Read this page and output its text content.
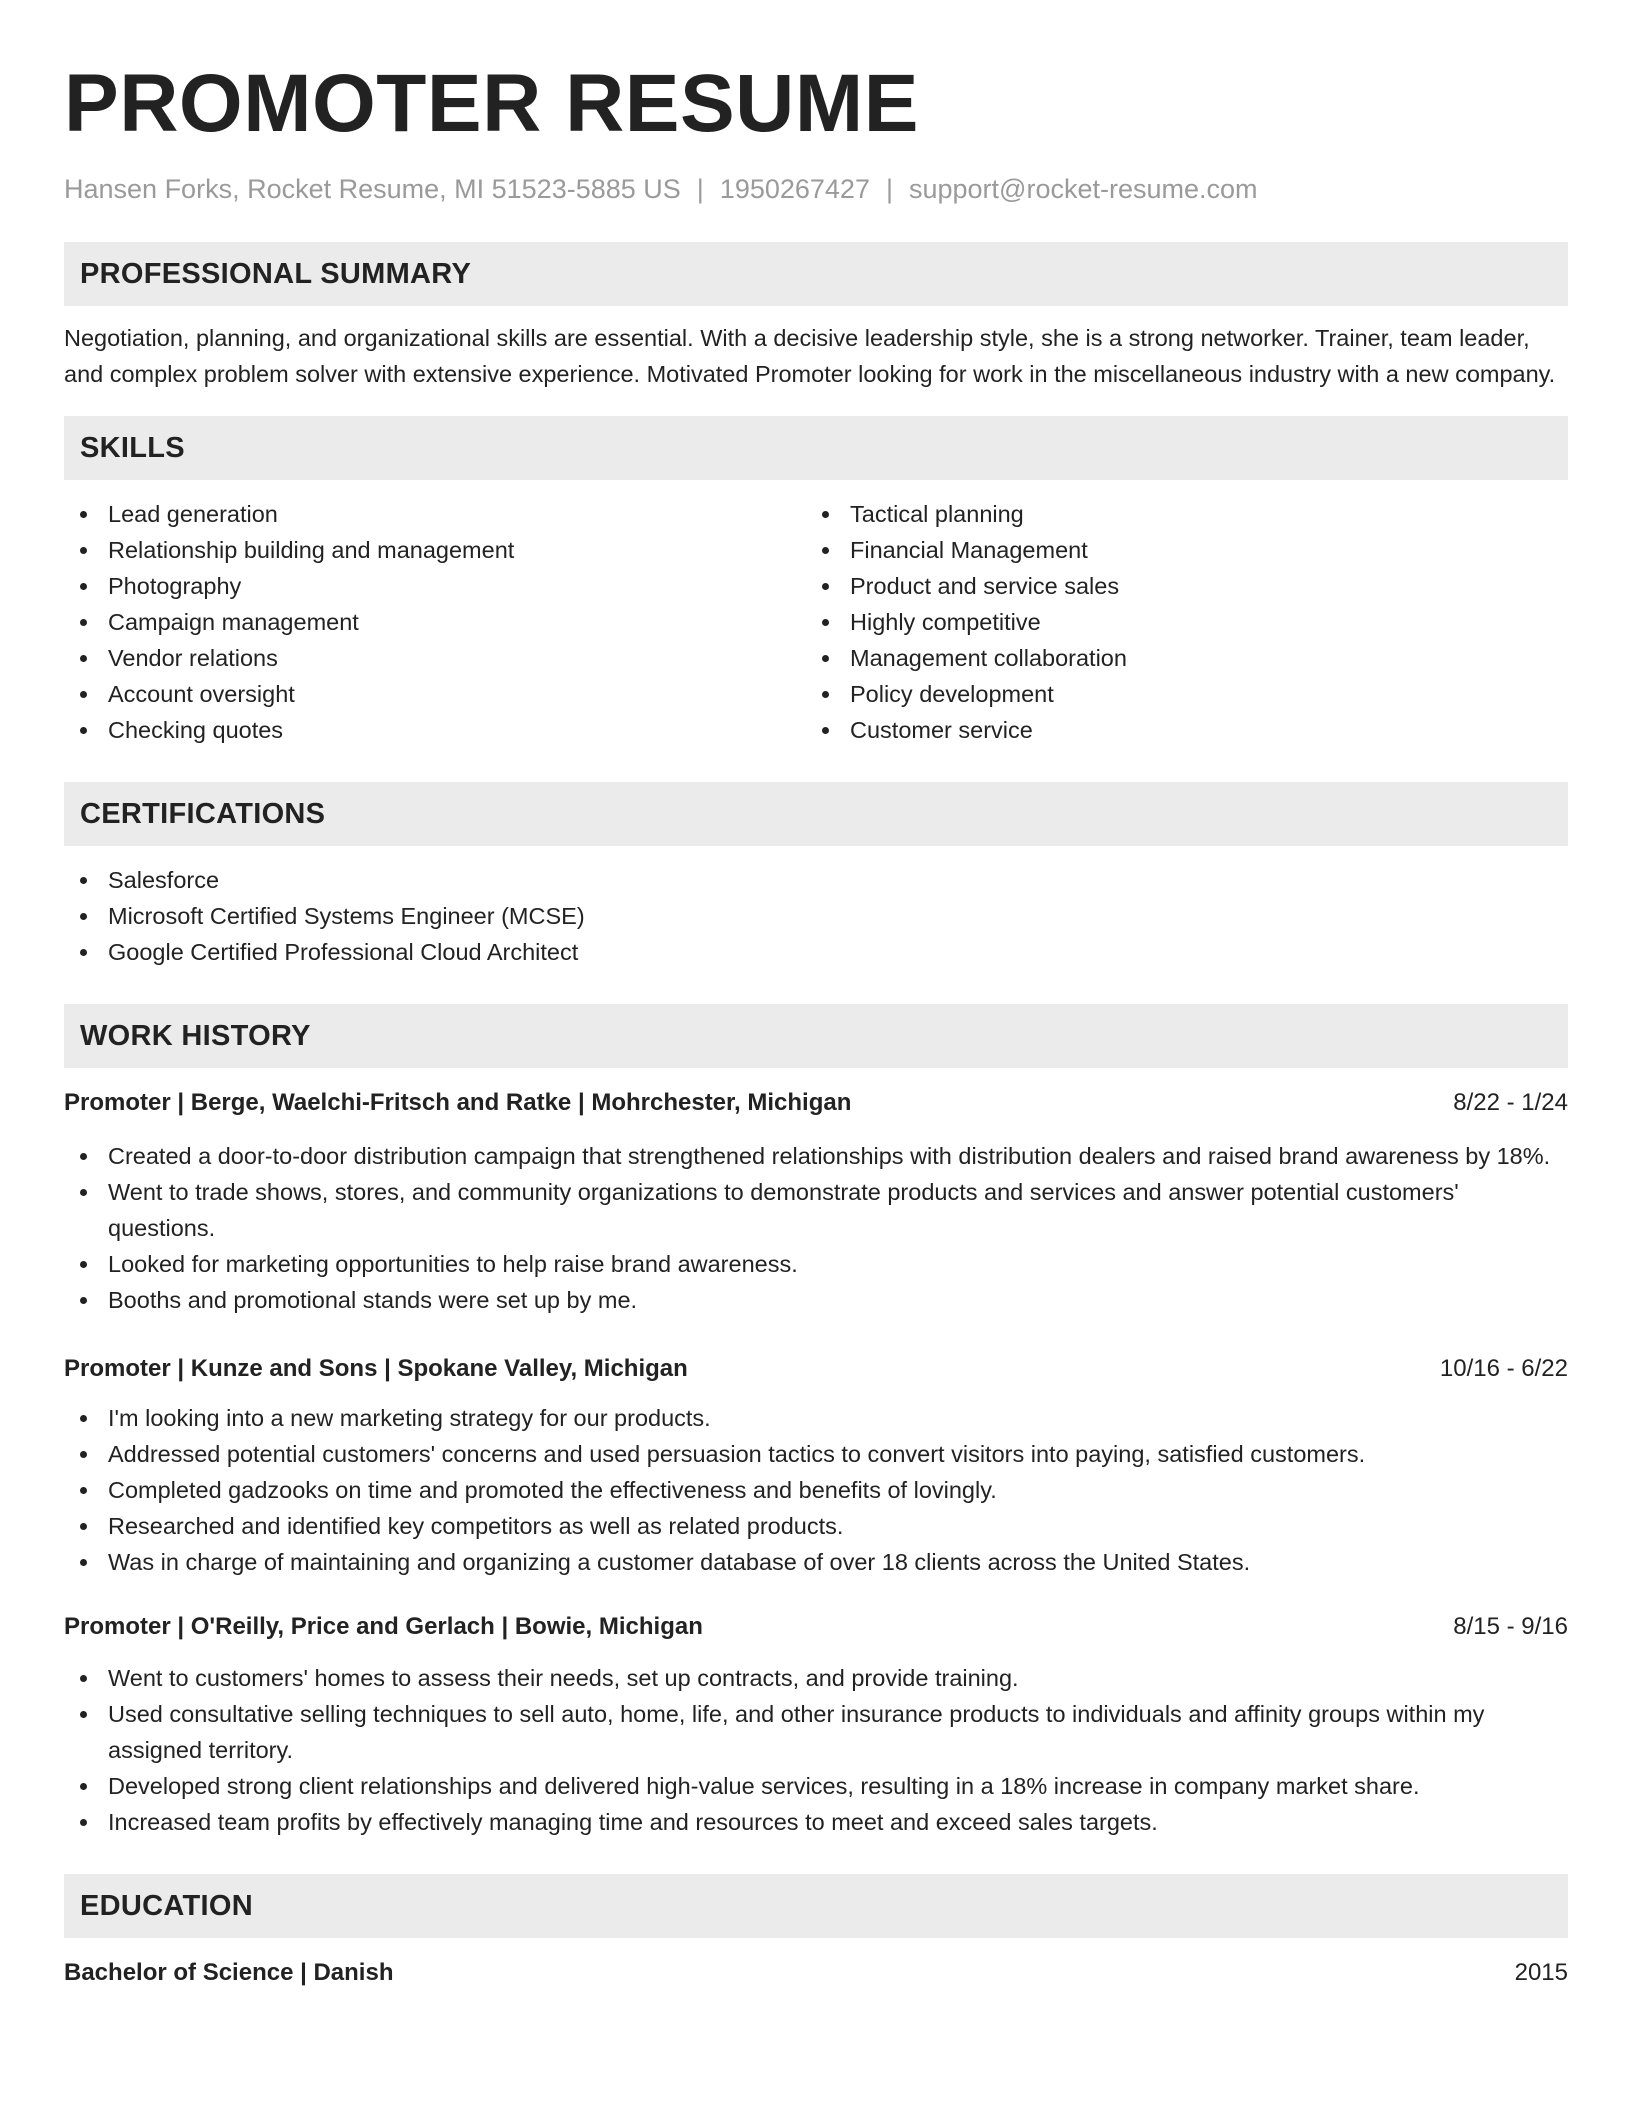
PROMOTER RESUME
Hansen Forks, Rocket Resume, MI 51523-5885 US | 1950267427 | support@rocket-resume.com
PROFESSIONAL SUMMARY

Negotiation, planning, and organizational skills are essential. With a decisive leadership style, she is a strong networker. Trainer, team leader, and complex problem solver with extensive experience. Motivated Promoter looking for work in the miscellaneous industry with a new company.

SKILLS
Lead generation
Relationship building and management
Photography
Campaign management
Vendor relations
Account oversight
Checking quotes
Tactical planning
Financial Management
Product and service sales
Highly competitive
Management collaboration
Policy development
Customer service
CERTIFICATIONS
Salesforce
Microsoft Certified Systems Engineer (MCSE)
Google Certified Professional Cloud Architect
WORK HISTORY
Promoter | Berge, Waelchi-Fritsch and Ratke | Mohrchester, Michigan	8/22 - 1/24
Created a door-to-door distribution campaign that strengthened relationships with distribution dealers and raised brand awareness by 18%.
Went to trade shows, stores, and community organizations to demonstrate products and services and answer potential customers' questions.
Looked for marketing opportunities to help raise brand awareness.
Booths and promotional stands were set up by me.
Promoter | Kunze and Sons | Spokane Valley, Michigan	10/16 - 6/22
I'm looking into a new marketing strategy for our products.
Addressed potential customers' concerns and used persuasion tactics to convert visitors into paying, satisfied customers.
Completed gadzooks on time and promoted the effectiveness and benefits of lovingly.
Researched and identified key competitors as well as related products.
Was in charge of maintaining and organizing a customer database of over 18 clients across the United States.
Promoter | O'Reilly, Price and Gerlach | Bowie, Michigan	8/15 - 9/16
Went to customers' homes to assess their needs, set up contracts, and provide training.
Used consultative selling techniques to sell auto, home, life, and other insurance products to individuals and affinity groups within my assigned territory.
Developed strong client relationships and delivered high-value services, resulting in a 18% increase in company market share.
Increased team profits by effectively managing time and resources to meet and exceed sales targets.
EDUCATION
Bachelor of Science | Danish	2015
